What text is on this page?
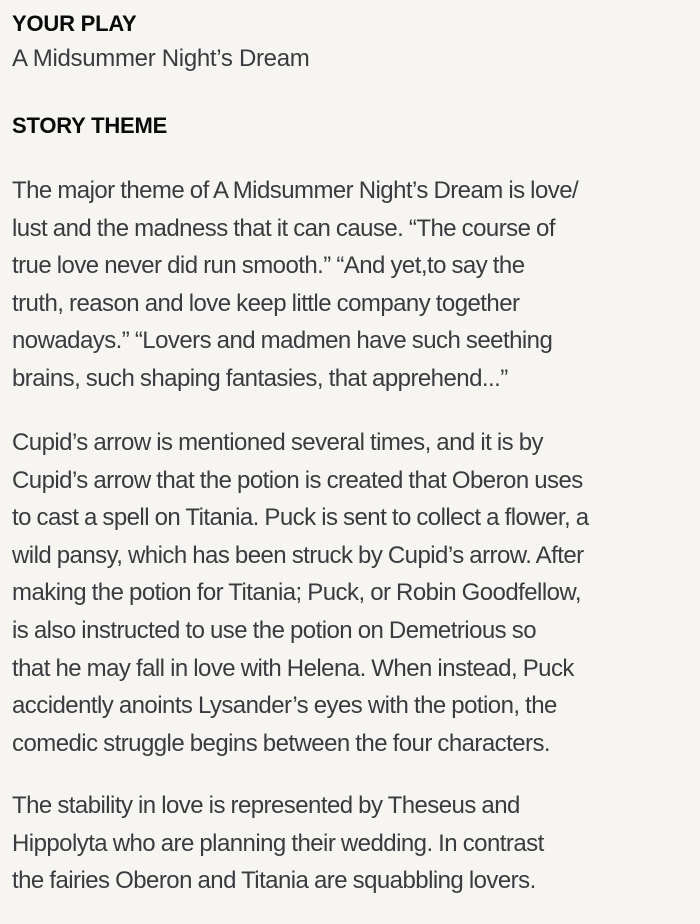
YOUR PLAY

A Midsummer Night’s Dream

STORY THEME

The major theme of A Midsummer Night’s Dream is love/
lust and the madness that it can cause. “The course of
true love never did run smooth.” “And yet,to say the
truth, reason and love keep little company together
nowadays.” “Lovers and madmen have such seething
brains, such shaping fantasies, that apprehend...”

Cupid’s arrow is mentioned several times, and it is by
Cupid’s arrow that the potion is created that Oberon uses
to cast a spell on Titania. Puck is sent to collect a flower, a
wild pansy, which has been struck by Cupid’s arrow. After
making the potion for Titania; Puck, or Robin Goodfellow,
is also instructed to use the potion on Demetrious so
that he may fall in love with Helena. When instead, Puck
accidently anoints Lysander’s eyes with the potion, the
comedic struggle begins between the four characters.

The stability in love is represented by Theseus and
Hippolyta who are planning their wedding. In contrast
the fairies Oberon and Titania are squabbling lovers.
